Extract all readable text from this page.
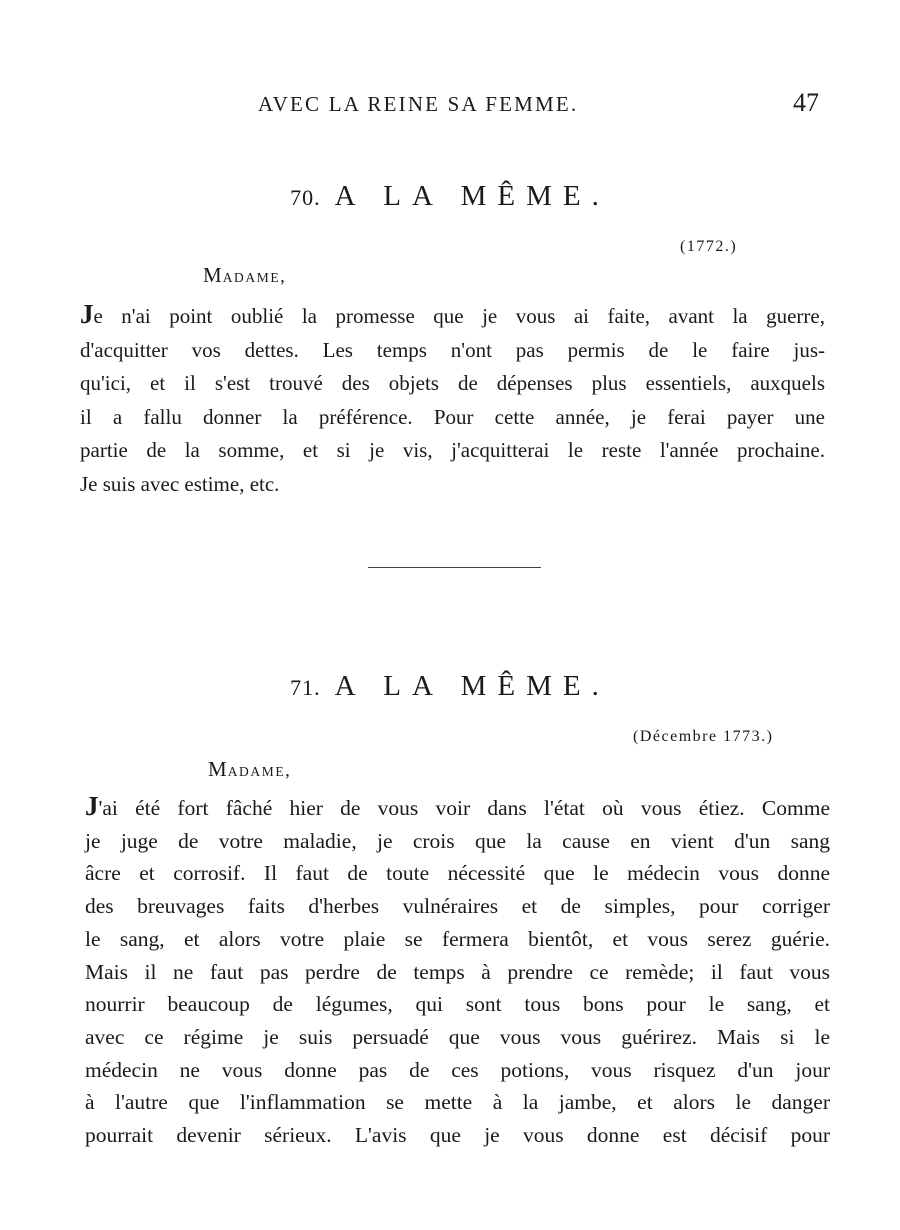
AVEC LA REINE SA FEMME.	47
70. A LA MÊME.
(1772.)
MADAME,
Je n'ai point oublié la promesse que je vous ai faite, avant la guerre,
d'acquitter vos dettes. Les temps n'ont pas permis de le faire jus-
qu'ici, et il s'est trouvé des objets de dépenses plus essentiels, auxquels
il a fallu donner la préférence. Pour cette année, je ferai payer une
partie de la somme, et si je vis, j'acquitterai le reste l'année prochaine.
Je suis avec estime, etc.
71. A LA MÊME.
(Décembre 1773.)
MADAME,
J'ai été fort fâché hier de vous voir dans l'état où vous étiez. Comme
je juge de votre maladie, je crois que la cause en vient d'un sang
âcre et corrosif. Il faut de toute nécessité que le médecin vous donne
des breuvages faits d'herbes vulnéraires et de simples, pour corriger
le sang, et alors votre plaie se fermera bientôt, et vous serez guérie.
Mais il ne faut pas perdre de temps à prendre ce remède; il faut vous
nourrir beaucoup de légumes, qui sont tous bons pour le sang, et
avec ce régime je suis persuadé que vous vous guérirez. Mais si le
médecin ne vous donne pas de ces potions, vous risquez d'un jour
à l'autre que l'inflammation se mette à la jambe, et alors le danger
pourrait devenir sérieux. L'avis que je vous donne est décisif pour
